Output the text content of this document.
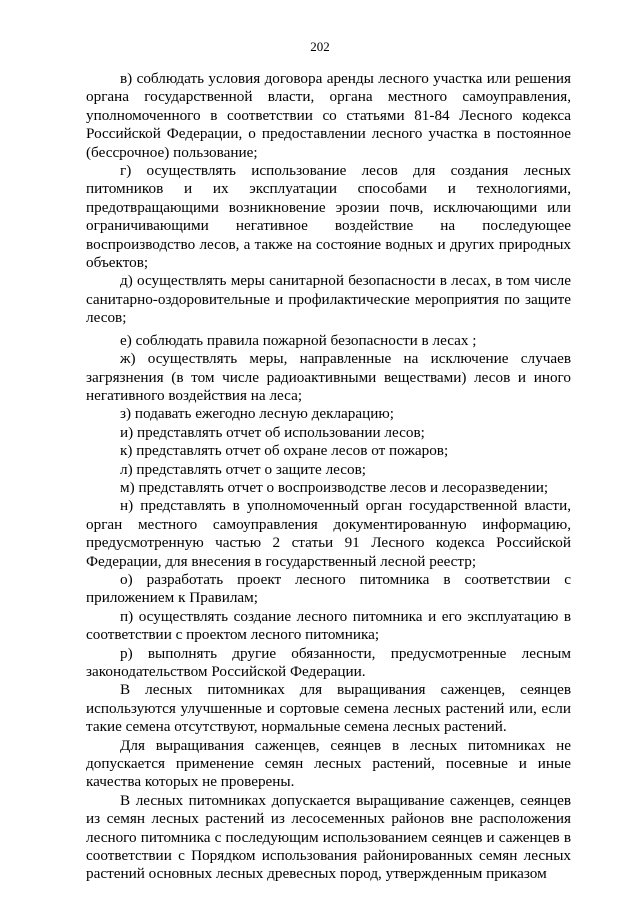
202

в) соблюдать условия договора аренды лесного участка или решения органа государственной власти, органа местного самоуправления, уполномоченного в соответствии со статьями 81-84 Лесного кодекса Российской Федерации, о предоставлении лесного участка в постоянное (бессрочное) пользование;

г) осуществлять использование лесов для создания лесных питомников и их эксплуатации способами и технологиями, предотвращающими возникновение эрозии почв, исключающими или ограничивающими негативное воздействие на последующее воспроизводство лесов, а также на состояние водных и других природных объектов;

д) осуществлять меры санитарной безопасности в лесах, в том числе санитарно-оздоровительные и профилактические мероприятия по защите лесов;

е) соблюдать правила пожарной безопасности в лесах ;

ж) осуществлять меры, направленные на исключение случаев загрязнения (в том числе радиоактивными веществами) лесов и иного негативного воздействия на леса;

з) подавать ежегодно лесную декларацию;

и) представлять отчет об использовании лесов;

к) представлять отчет об охране лесов от пожаров;

л) представлять отчет о защите лесов;

м) представлять отчет о воспроизводстве лесов и лесоразведении;

н) представлять в уполномоченный орган государственной власти, орган местного самоуправления документированную информацию, предусмотренную частью 2 статьи 91 Лесного кодекса Российской Федерации, для внесения в государственный лесной реестр;

о) разработать проект лесного питомника в соответствии с приложением к Правилам;

п) осуществлять создание лесного питомника и его эксплуатацию в соответствии с проектом лесного питомника;

р) выполнять другие обязанности, предусмотренные лесным законодательством Российской Федерации.

В лесных питомниках для выращивания саженцев, сеянцев используются улучшенные и сортовые семена лесных растений или, если такие семена отсутствуют, нормальные семена лесных растений.

Для выращивания саженцев, сеянцев в лесных питомниках не допускается применение семян лесных растений, посевные и иные качества которых не проверены.

В лесных питомниках допускается выращивание саженцев, сеянцев из семян лесных растений из лесосеменных районов вне расположения лесного питомника с последующим использованием сеянцев и саженцев в соответствии с Порядком использования районированных семян лесных растений основных лесных древесных пород, утвержденным приказом
